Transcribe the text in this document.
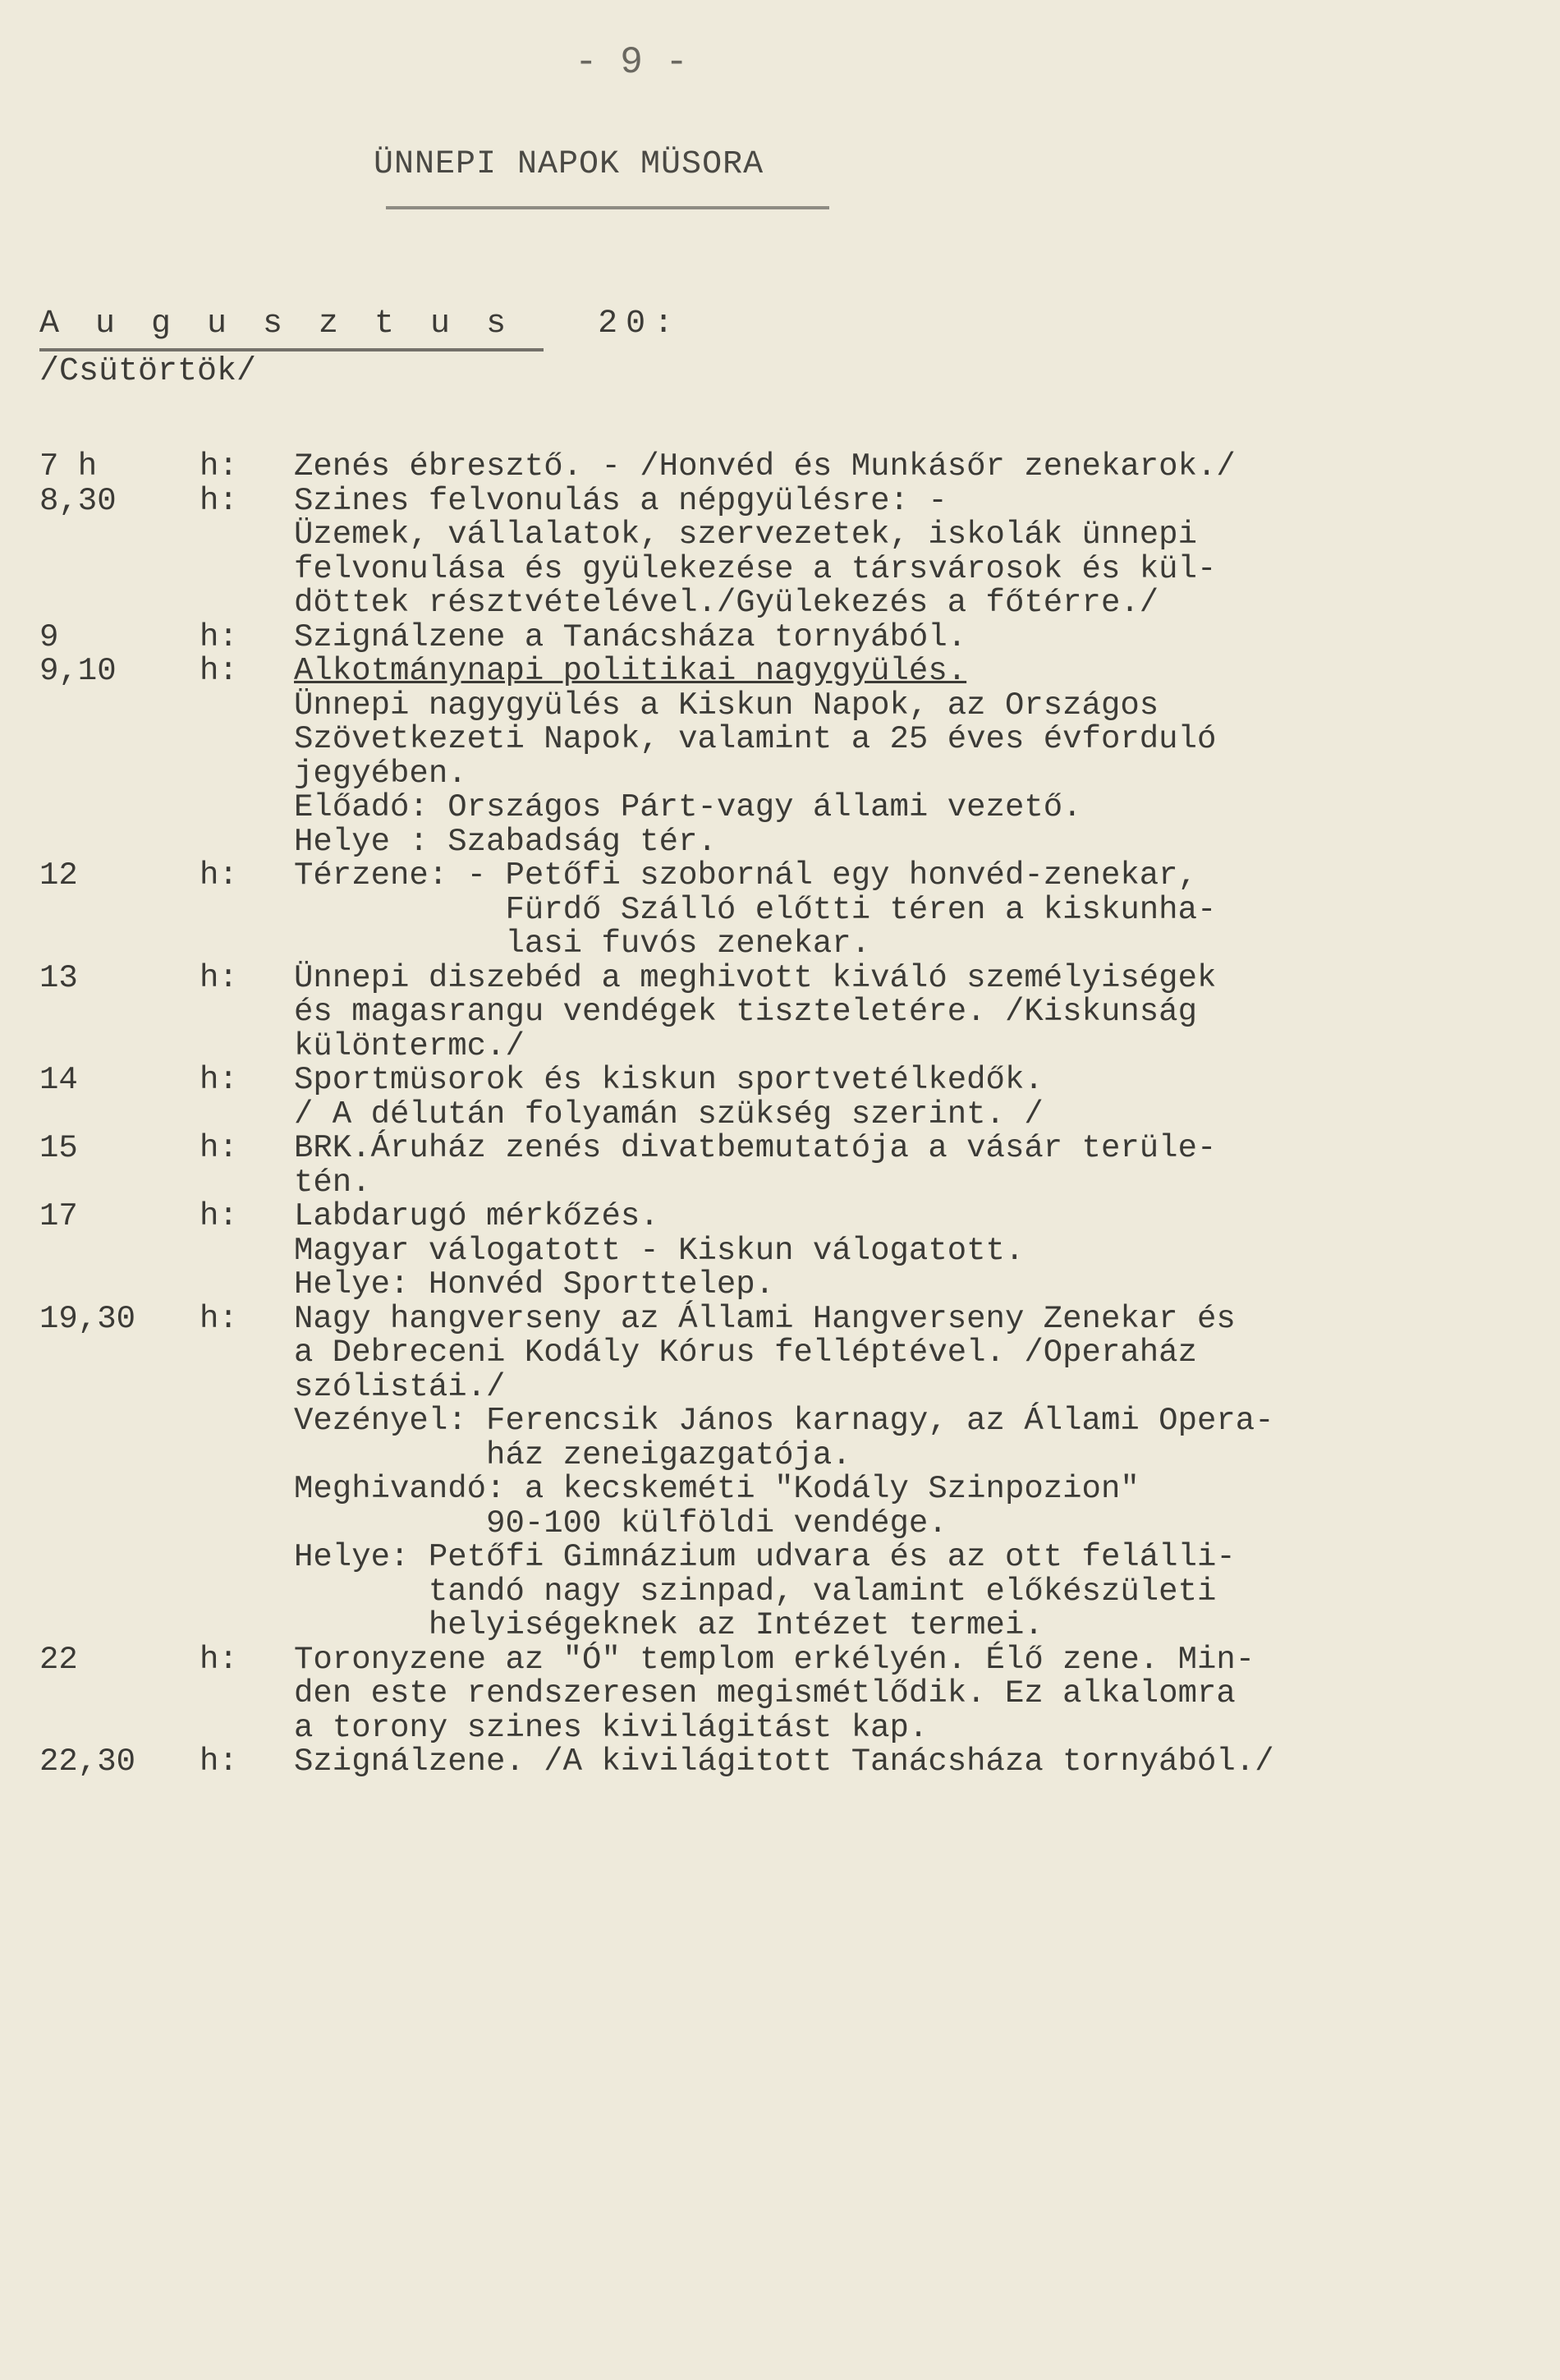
- 9 -
ÜNNEPI NAPOK MÜSORA
A u g u s z t u s   20:
/Csütörtök/
7 h	h:	Zenés ébresztő. - /Honvéd és Munkásőr zenekarok./
8,30	h:	Szines felvonulás a népgyülésre: -
Üzemek, vállalatok, szervezetek, iskolák ünnepi
felvonulása és gyülekezése a társvárosok és kül-
döttek résztvételével./Gyülekezés a főtérre./
9	h:	Szignálzene a Tanácsháza tornyából.
9,10	h:	Alkotmánynapi politikai nagygyülés.
Ünnepi nagygyülés a Kiskun Napok, az Országos
Szövetkezeti Napok, valamint a 25 éves évforduló
jegyében.
Előadó: Országos Párt-vagy állami vezető.
Helye : Szabadság tér.
12	h:	Térzene: - Petőfi szobornál egy honvéd-zenekar,
Fürdő Szálló előtti téren a kiskunha-
lasi fuvós zenekar.
13	h:	Ünnepi diszebéd a meghivott kiváló személyiségek
és magasrangu vendégek tiszteletére. /Kiskunság
különtermc./
14	h:	Sportmüsorok és kiskun sportvetélkedők.
/ A délután folyamán szükség szerint. /
15	h:	BRK.Áruház zenés divatbemutatója a vásár terüle-
tén.
17	h:	Labdarugó mérkőzés.
Magyar válogatott - Kiskun válogatott.
Helye: Honvéd Sporttelep.
19,30	h:	Nagy hangverseny az Állami Hangverseny Zenekar és
a Debreceni Kodály Kórus felléptével. /Operaház
szólistái./
Vezényel: Ferencsik János karnagy, az Állami Opera-
ház zeneigazgatója.
Meghivandó: a kecskeméti "Kodály Szinpozion"
90-100 külföldi vendége.
Helye: Petőfi Gimnázium udvara és az ott felálli-
tandó nagy szinpad, valamint előkészületi
helyiségeknek az Intézet termei.
22	h:	Toronyzene az "Ó" templom erkélyén. Élő zene. Min-
den este rendszeresen megismétlődik. Ez alkalomra
a torony szines kivilágitást kap.
22,30	h:	Szignálzene. /A kivilágitott Tanácsháza tornyából./
